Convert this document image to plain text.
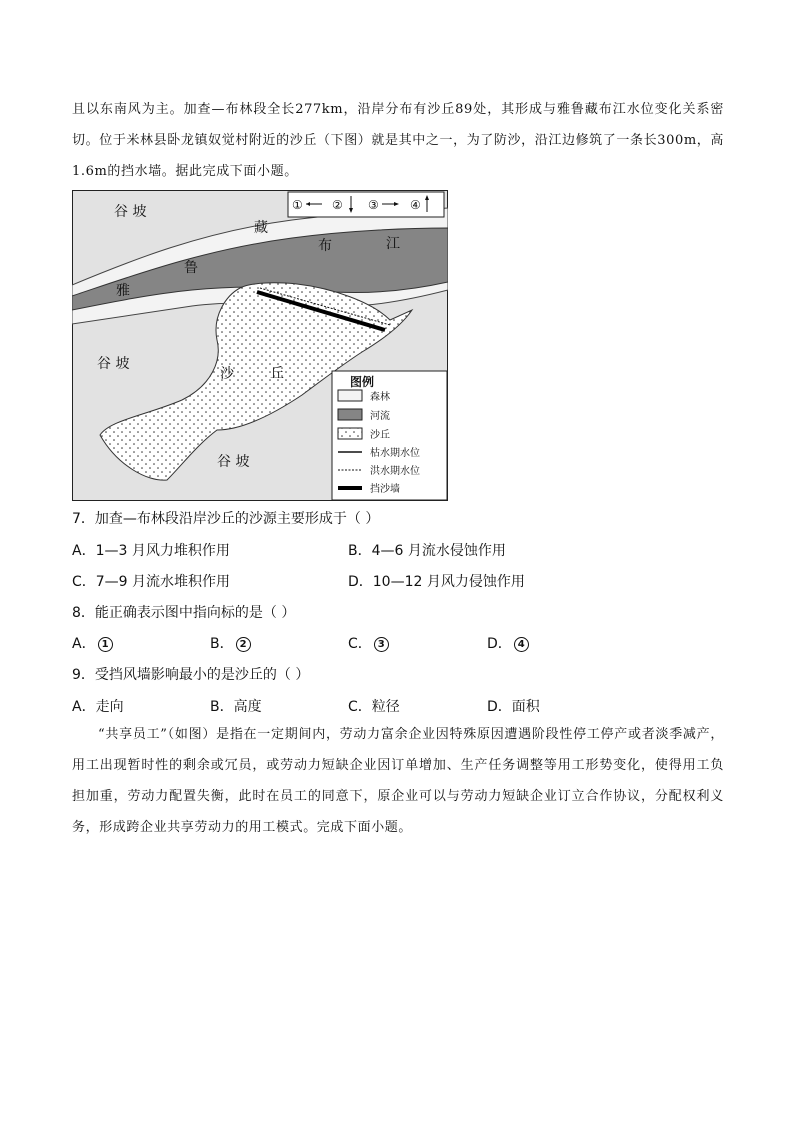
且以东南风为主。加查—布林段全长277km，沿岸分布有沙丘89处，其形成与雅鲁藏布江水位变化关系密切。位于米林县卧龙镇奴觉村附近的沙丘（下图）就是其中之一，为了防沙，沿江边修筑了一条长300m，高1.6m的挡水墙。据此完成下面小题。

① ② ③	④
谷 坡
谷 坡
谷 坡
雅
鲁
藏
布	江
沙	丘	图例
森林
河流
沙丘
枯水期水位
洪水期水位
挡沙墙
7．加查—布林段沿岸沙丘的沙源主要形成于（ ）
A．1—3 月风力堆积作用	B．4—6 月流水侵蚀作用
C．7—9 月流水堆积作用	D．10—12 月风力侵蚀作用
8．能正确表示图中指向标的是（ ）
A． 1	B． 2	C． 3	D． 4
9．受挡风墙影响最小的是沙丘的（ ）
A．走向	B．高度	C．粒径	D．面积

“共享员工”（如图）是指在一定期间内，劳动力富余企业因特殊原因遭遇阶段性停工停产或者淡季减产，用工出现暂时性的剩余或冗员，或劳动力短缺企业因订单增加、生产任务调整等用工形势变化，使得用工负担加重，劳动力配置失衡，此时在员工的同意下，原企业可以与劳动力短缺企业订立合作协议，分配权利义务，形成跨企业共享劳动力的用工模式。完成下面小题。
